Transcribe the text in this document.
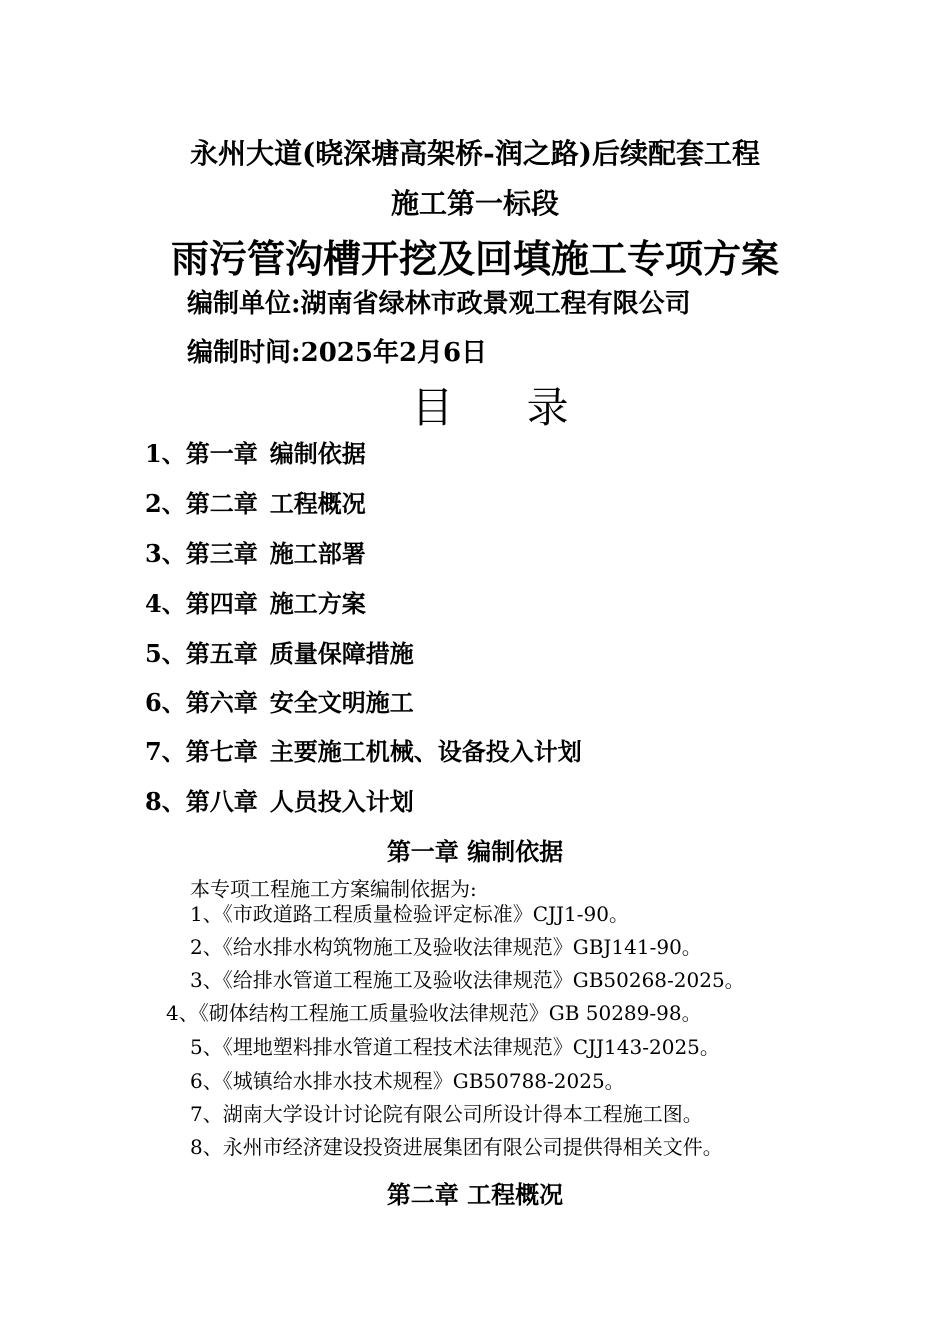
永州大道(晓深塘高架桥-润之路)后续配套工程
施工第一标段
雨污管沟槽开挖及回填施工专项方案
编制单位:湖南省绿林市政景观工程有限公司
编制时间:2025年2月6日
目 录
1、第一章 编制依据
2、第二章 工程概况
3、第三章 施工部署
4、第四章 施工方案
5、第五章 质量保障措施
6、第六章 安全文明施工
7、第七章 主要施工机械、设备投入计划
8、第八章 人员投入计划
第一章 编制依据
本专项工程施工方案编制依据为:
1、《市政道路工程质量检验评定标准》CJJ1-90。
2、《给水排水构筑物施工及验收法律规范》GBJ141-90。
3、《给排水管道工程施工及验收法律规范》GB50268-2025。
4、《砌体结构工程施工质量验收法律规范》GB 50289-98。
5、《埋地塑料排水管道工程技术法律规范》CJJ143-2025。
6、《城镇给水排水技术规程》GB50788-2025。
7、湖南大学设计讨论院有限公司所设计得本工程施工图。
8、永州市经济建设投资进展集团有限公司提供得相关文件。
第二章 工程概况
